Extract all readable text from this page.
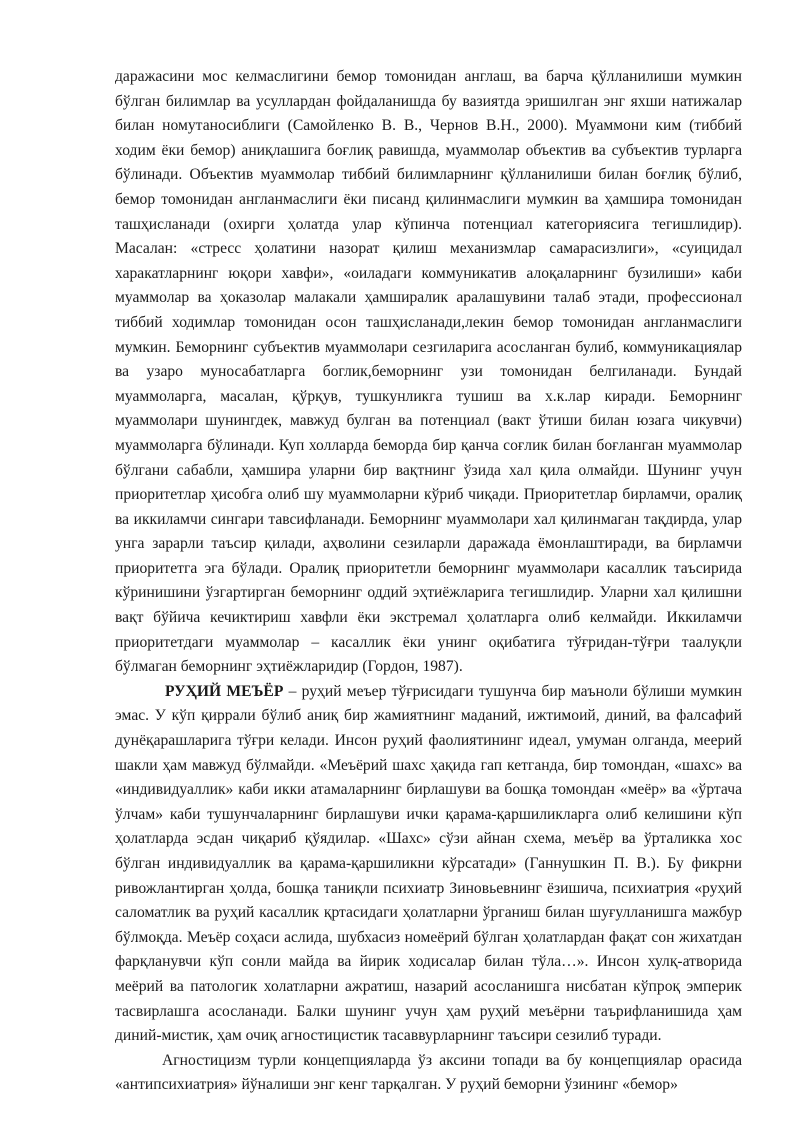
даражасини мос келмаслигини бемор томонидан англаш, ва барча қўлланилиши мумкин бўлган билимлар ва усуллардан фойдаланишда бу вазиятда эришилган энг яхши натижалар билан номутаносиблиги (Самойленко В. В., Чернов В.Н., 2000). Муаммони ким (тиббий ходим ёки бемор) аниқлашига боғлиқ равишда, муаммолар объектив ва субъектив турларга бўлинади. Объектив муаммолар тиббий билимларнинг қўлланилиши билан боғлиқ бўлиб, бемор томонидан англанмаслиги ёки писанд қилинмаслиги мумкин ва ҳамшира томонидан ташҳисланади (охирги ҳолатда улар кўпинча потенциал категориясига тегишлидир). Масалан: «стресс ҳолатини назорат қилиш механизмлар самарасизлиги», «суицидал харакатларнинг юқори хавфи», «оиладаги коммуникатив алоқаларнинг бузилиши» каби муаммолар ва ҳоказолар малакали ҳамширалик аралашувини талаб этади, профессионал тиббий ходимлар томонидан осон ташҳисланади,лекин бемор томонидан англанмаслиги мумкин. Беморнинг субъектив муаммолари сезгиларига асосланган булиб, коммуникациялар ва узаро муносабатларга боглик,беморнинг узи томонидан белгиланади. Бундай муаммоларга, масалан, қўрқув, тушкунликга тушиш ва х.к.лар киради. Беморнинг муаммолари шунингдек, мавжуд булган ва потенциал (вакт ўтиши билан юзага чикувчи) муаммоларга бўлинади. Куп холларда беморда бир қанча соғлик билан боғланган муаммолар бўлгани сабабли, ҳамшира уларни бир вақтнинг ўзида хал қила олмайди. Шунинг учун приоритетлар ҳисобга олиб шу муаммоларни кўриб чиқади. Приоритетлар бирламчи, оралиқ ва иккиламчи сингари тавсифланади. Беморнинг муаммолари хал қилинмаган тақдирда, улар унга зарарли таъсир қилади, аҳволини сезиларли даражада ёмонлаштиради, ва бирламчи приоритетга эга бўлади. Оралиқ приоритетли беморнинг муаммолари касаллик таъсирида кўринишини ўзгартирган беморнинг оддий эҳтиёжларига тегишлидир. Уларни хал қилишни вақт бўйича кечиктириш хавфли ёки экстремал ҳолатларга олиб келмайди. Иккиламчи приоритетдаги муаммолар – касаллик ёки унинг оқибатига тўғридан-тўғри таалуқли бўлмаган беморнинг эҳтиёжларидир (Гордон, 1987).

РУҲИЙ МЕЪЁР – руҳий меъер тўғрисидаги тушунча бир маъноли бўлиши мумкин эмас. У кўп қиррали бўлиб аниқ бир жамиятнинг маданий, ижтимоий, диний, ва фалсафий дунёқарашларига тўғри келади. Инсон руҳий фаолиятининг идеал, умуман олганда, меерий шакли ҳам мавжуд бўлмайди. «Меъёрий шахс ҳақида гап кетганда, бир томондан, «шахс» ва «индивидуаллик» каби икки атамаларнинг бирлашуви ва бошқа томондан «меёр» ва «ўртача ўлчам» каби тушунчаларнинг бирлашуви ички қарама-қаршиликларга олиб келишини кўп ҳолатларда эсдан чиқариб қўядилар. «Шахс» сўзи айнан схема, меъёр ва ўрталикка хос бўлган индивидуаллик ва қарама-қаршиликни кўрсатади» (Ганнушкин П. В.). Бу фикрни ривожлантирган ҳолда, бошқа таниқли психиатр Зиновьевнинг ёзишича, психиатрия «руҳий саломатлик ва руҳий касаллик қртасидаги ҳолатларни ўрганиш билан шуғулланишга мажбур бўлмоқда. Меъёр соҳаси аслида, шубхасиз номеёрий бўлган ҳолатлардан фақат сон жихатдан фарқланувчи кўп сонли майда ва йирик ходисалар билан тўла…». Инсон хулқ-атворида меёрий ва патологик холатларни ажратиш, назарий асосланишга нисбатан кўпроқ эмперик тасвирлашга асосланади. Балки шунинг учун ҳам руҳий меъёрни таърифланишида ҳам диний-мистик, ҳам очиқ агностицистик тасаввурларнинг таъсири сезилиб туради.

Агностицизм турли концепцияларда ўз аксини топади ва бу концепциялар орасида «антипсихиатрия» йўналиши энг кенг тарқалган. У руҳий беморни ўзининг «бемор»
